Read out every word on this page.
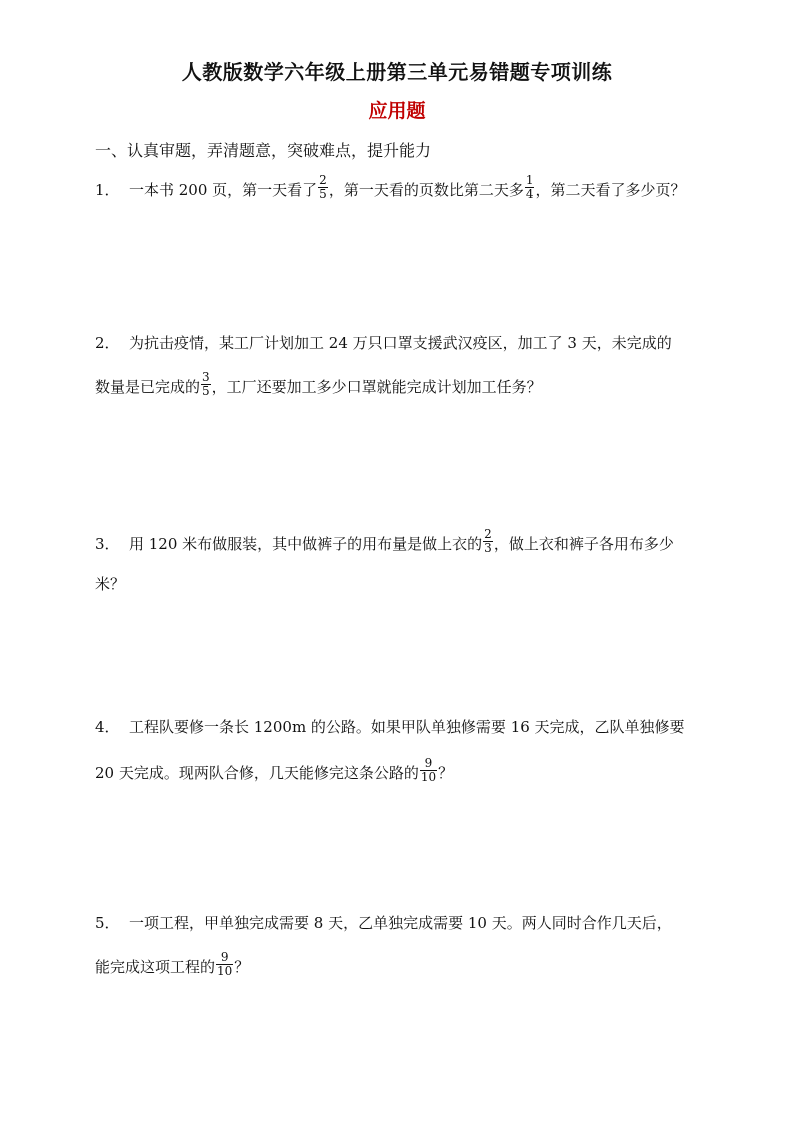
人教版数学六年级上册第三单元易错题专项训练
应用题
一、认真审题，弄清题意，突破难点，提升能力
1． 一本书 200 页，第一天看了 $\frac{2}{5}$ ，第一天看的页数比第二天多 $\frac{1}{4}$ ，第二天看了多少页？
2． 为抗击疫情，某工厂计划加工 24 万只口罩支援武汉疫区，加工了 3 天，未完成的
数量是已完成的 $\frac{3}{5}$ ，工厂还要加工多少口罩就能完成计划加工任务？
3． 用 120 米布做服装，其中做裤子的用布量是做上衣的 $\frac{2}{3}$ ，做上衣和裤子各用布多少
米？
4． 工程队要修一条长 1200m 的公路。如果甲队单独修需要 16 天完成，乙队单独修要
20 天完成。现两队合修，几天能修完这条公路的 $\frac{9}{10}$ ？
5． 一项工程，甲单独完成需要 8 天，乙单独完成需要 10 天。两人同时合作几天后，
能完成这项工程的 $\frac{9}{10}$ ？
